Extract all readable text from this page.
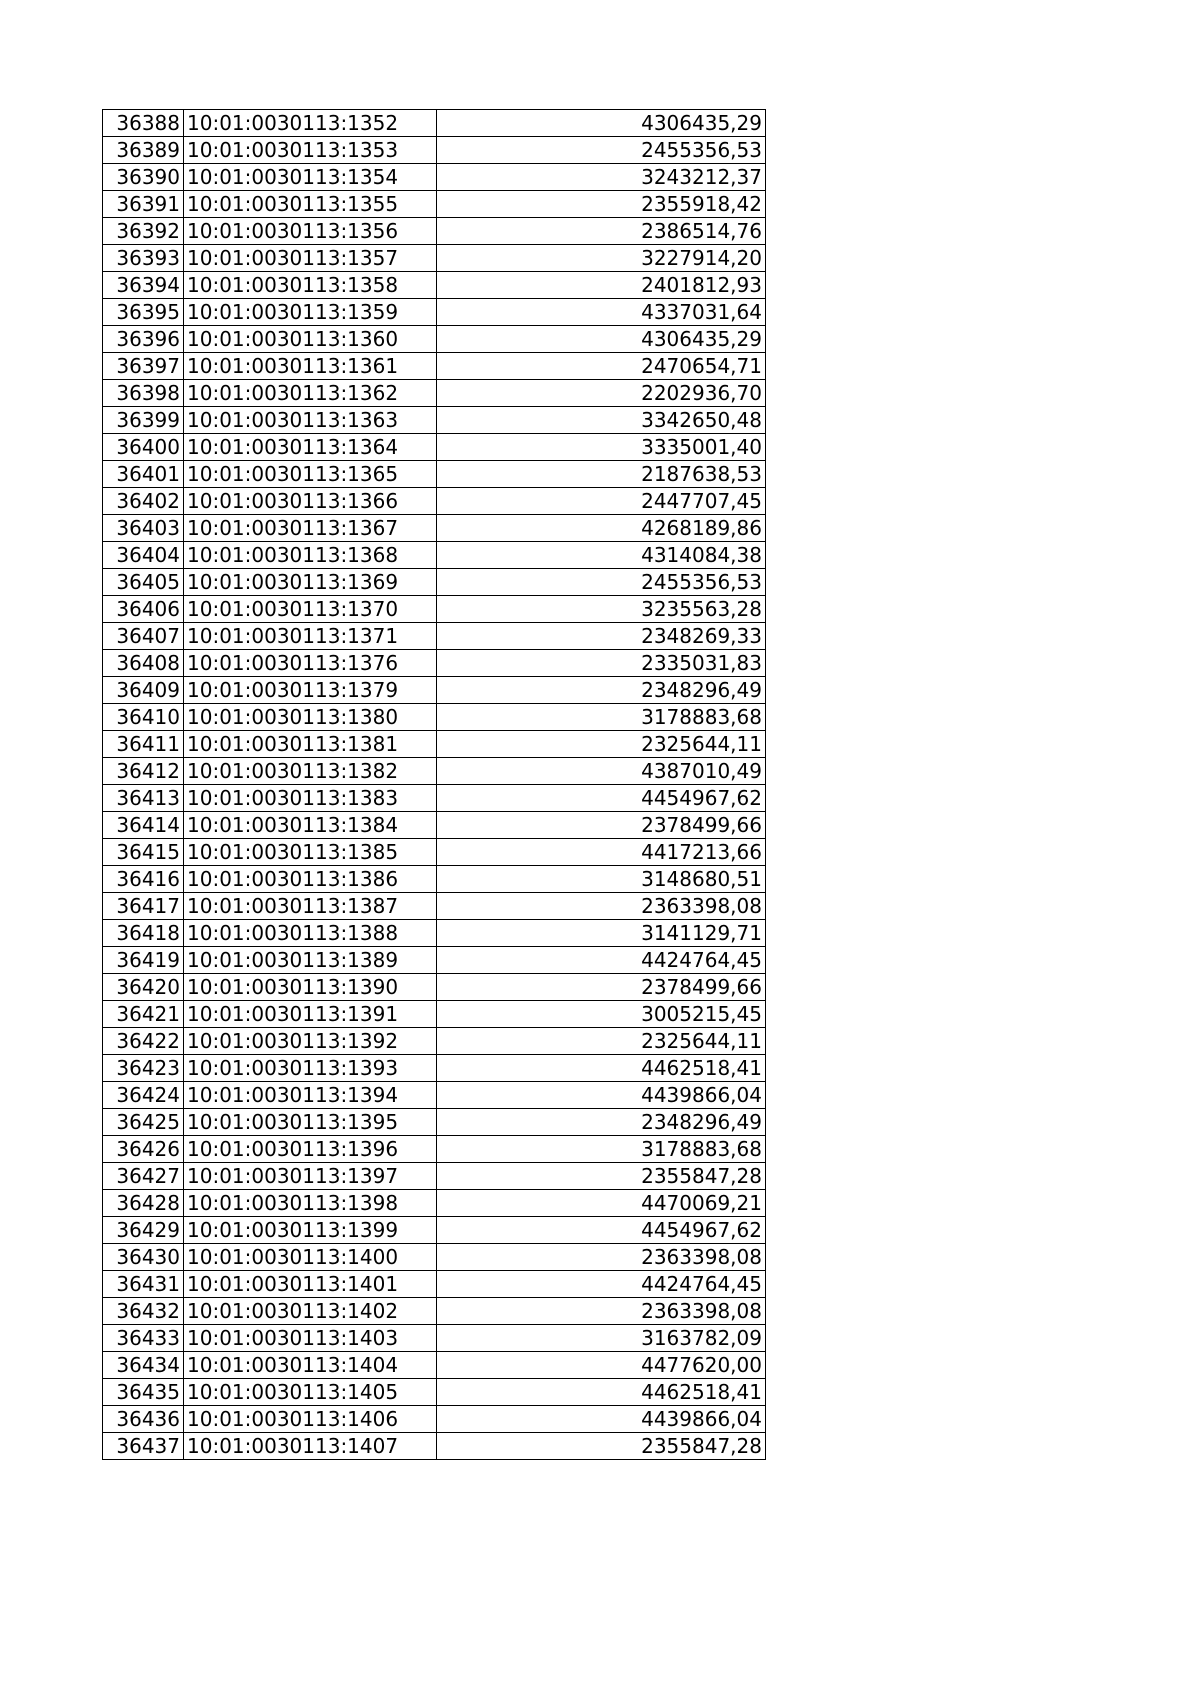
36388	10:01:0030113:1352	4306435,29
36389	10:01:0030113:1353	2455356,53
36390	10:01:0030113:1354	3243212,37
36391	10:01:0030113:1355	2355918,42
36392	10:01:0030113:1356	2386514,76
36393	10:01:0030113:1357	3227914,20
36394	10:01:0030113:1358	2401812,93
36395	10:01:0030113:1359	4337031,64
36396	10:01:0030113:1360	4306435,29
36397	10:01:0030113:1361	2470654,71
36398	10:01:0030113:1362	2202936,70
36399	10:01:0030113:1363	3342650,48
36400	10:01:0030113:1364	3335001,40
36401	10:01:0030113:1365	2187638,53
36402	10:01:0030113:1366	2447707,45
36403	10:01:0030113:1367	4268189,86
36404	10:01:0030113:1368	4314084,38
36405	10:01:0030113:1369	2455356,53
36406	10:01:0030113:1370	3235563,28
36407	10:01:0030113:1371	2348269,33
36408	10:01:0030113:1376	2335031,83
36409	10:01:0030113:1379	2348296,49
36410	10:01:0030113:1380	3178883,68
36411	10:01:0030113:1381	2325644,11
36412	10:01:0030113:1382	4387010,49
36413	10:01:0030113:1383	4454967,62
36414	10:01:0030113:1384	2378499,66
36415	10:01:0030113:1385	4417213,66
36416	10:01:0030113:1386	3148680,51
36417	10:01:0030113:1387	2363398,08
36418	10:01:0030113:1388	3141129,71
36419	10:01:0030113:1389	4424764,45
36420	10:01:0030113:1390	2378499,66
36421	10:01:0030113:1391	3005215,45
36422	10:01:0030113:1392	2325644,11
36423	10:01:0030113:1393	4462518,41
36424	10:01:0030113:1394	4439866,04
36425	10:01:0030113:1395	2348296,49
36426	10:01:0030113:1396	3178883,68
36427	10:01:0030113:1397	2355847,28
36428	10:01:0030113:1398	4470069,21
36429	10:01:0030113:1399	4454967,62
36430	10:01:0030113:1400	2363398,08
36431	10:01:0030113:1401	4424764,45
36432	10:01:0030113:1402	2363398,08
36433	10:01:0030113:1403	3163782,09
36434	10:01:0030113:1404	4477620,00
36435	10:01:0030113:1405	4462518,41
36436	10:01:0030113:1406	4439866,04
36437	10:01:0030113:1407	2355847,28
